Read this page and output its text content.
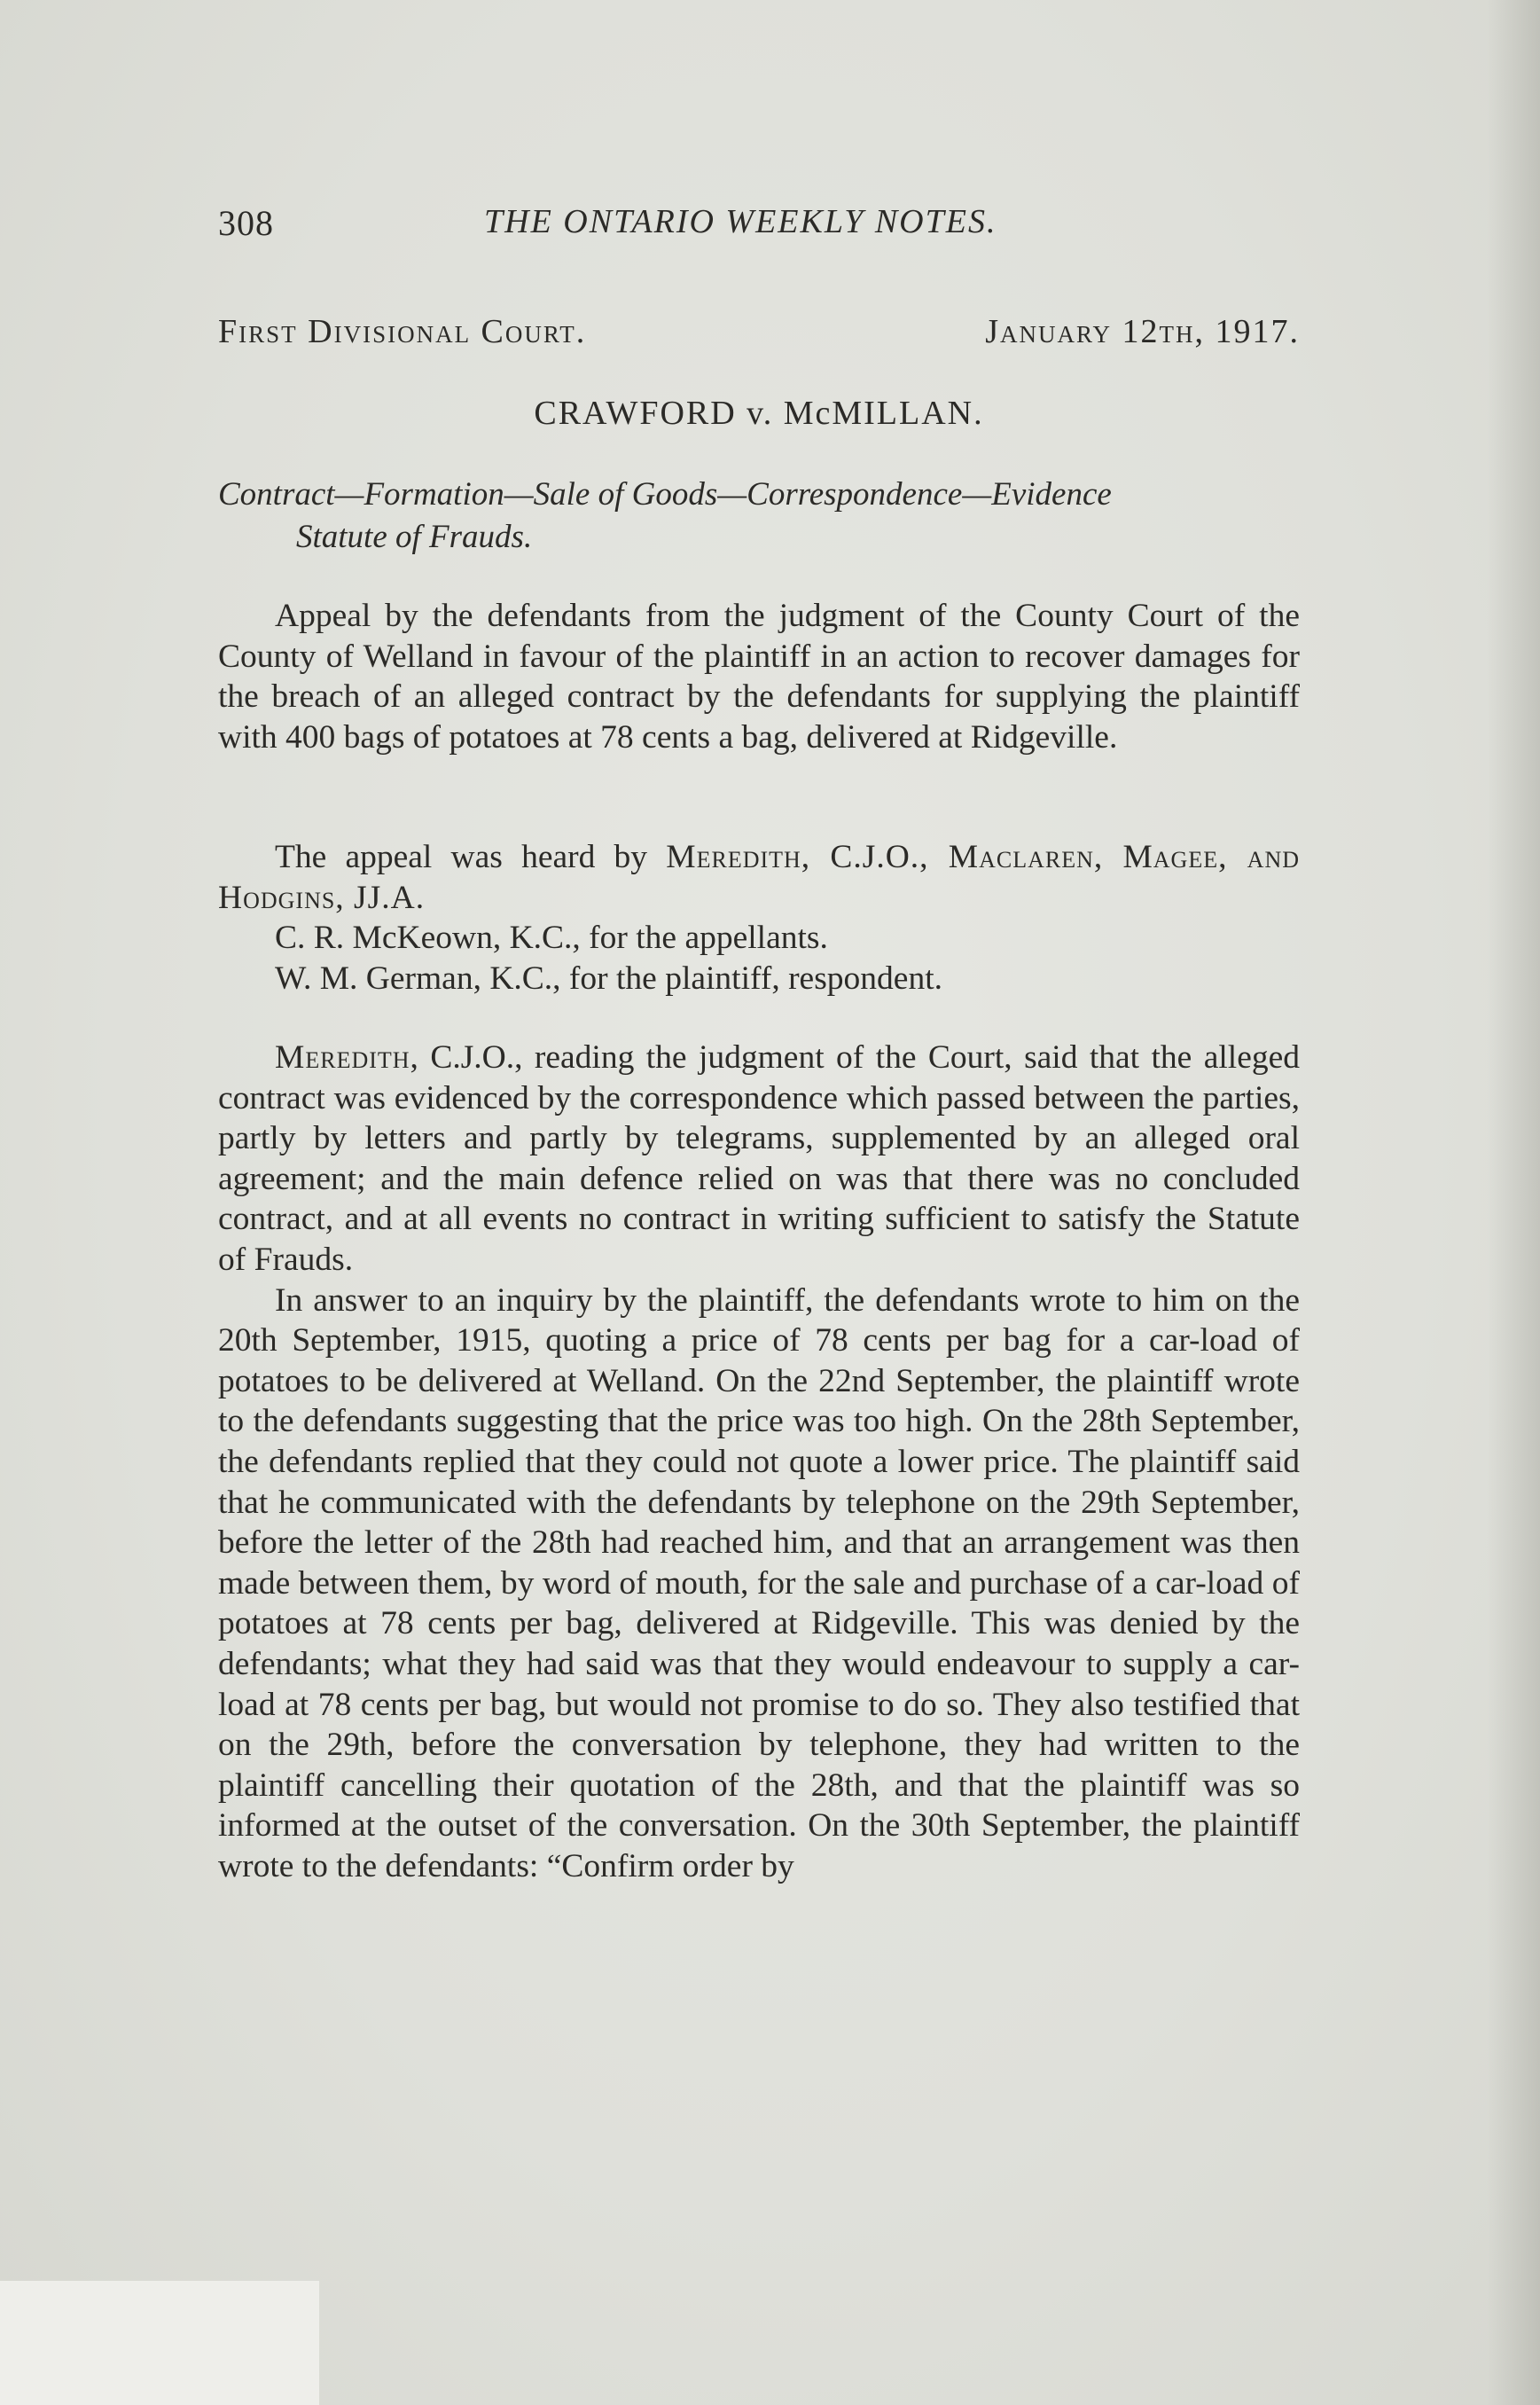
308	THE ONTARIO WEEKLY NOTES.
First Divisional Court.	January 12th, 1917.
CRAWFORD v. McMILLAN.
Contract—Formation—Sale of Goods—Correspondence—Evidence
Statute of Frauds.

Appeal by the defendants from the judgment of the County Court of the County of Welland in favour of the plaintiff in an action to recover damages for the breach of an alleged contract by the defendants for supplying the plaintiff with 400 bags of potatoes at 78 cents a bag, delivered at Ridgeville.

The appeal was heard by Meredith, C.J.O., Maclaren, Magee, and Hodgins, JJ.A.

C. R. McKeown, K.C., for the appellants.

W. M. German, K.C., for the plaintiff, respondent.

Meredith, C.J.O., reading the judgment of the Court, said that the alleged contract was evidenced by the correspondence which passed between the parties, partly by letters and partly by telegrams, supplemented by an alleged oral agreement; and the main defence relied on was that there was no concluded contract, and at all events no contract in writing sufficient to satisfy the Statute of Frauds.

In answer to an inquiry by the plaintiff, the defendants wrote to him on the 20th September, 1915, quoting a price of 78 cents per bag for a car-load of potatoes to be delivered at Welland. On the 22nd September, the plaintiff wrote to the defendants suggesting that the price was too high. On the 28th September, the defendants replied that they could not quote a lower price. The plaintiff said that he communicated with the defendants by telephone on the 29th September, before the letter of the 28th had reached him, and that an arrangement was then made between them, by word of mouth, for the sale and purchase of a car-load of potatoes at 78 cents per bag, delivered at Ridgeville. This was denied by the defendants; what they had said was that they would endeavour to supply a car-load at 78 cents per bag, but would not promise to do so. They also testified that on the 29th, before the conversation by telephone, they had written to the plaintiff cancelling their quotation of the 28th, and that the plaintiff was so informed at the outset of the conversation. On the 30th September, the plaintiff wrote to the defendants: “Confirm order by
